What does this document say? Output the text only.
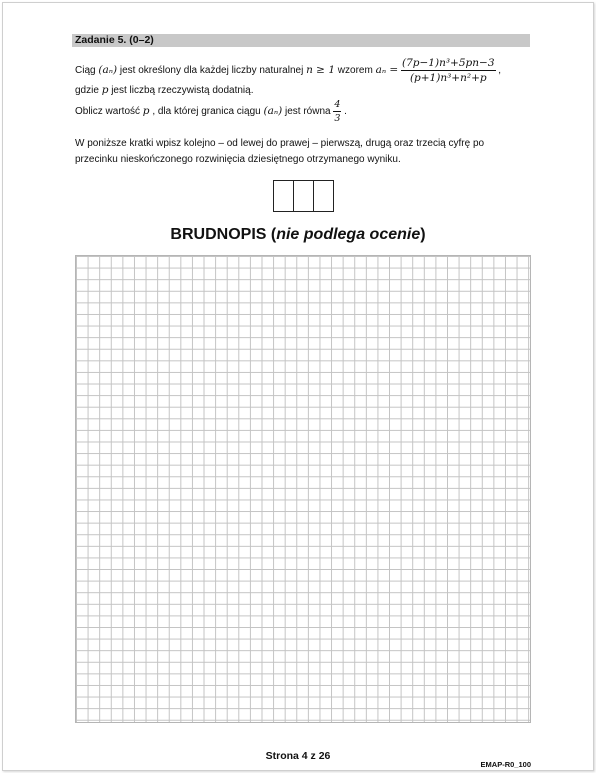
Zadanie 5. (0–2)
Ciąg (aₙ) jest określony dla każdej liczby naturalnej n ≥ 1 wzorem $a_n = \frac{\text{(7p−1)n³+5pn−3}}{\text{(p+1)n³+n²+p}}$ ,
gdzie p jest liczbą rzeczywistą dodatnią.
Oblicz wartość p , dla której granica ciągu (aₙ) jest równa $\frac{4}{3}$ .
W poniższe kratki wpisz kolejno – od lewej do prawej – pierwszą, drugą oraz trzecią cyfrę po
przecinku nieskończonego rozwinięcia dziesiętnego otrzymanego wyniku.
BRUDNOPIS (nie podlega ocenie)
Strona 4 z 26
EMAP-R0_100
